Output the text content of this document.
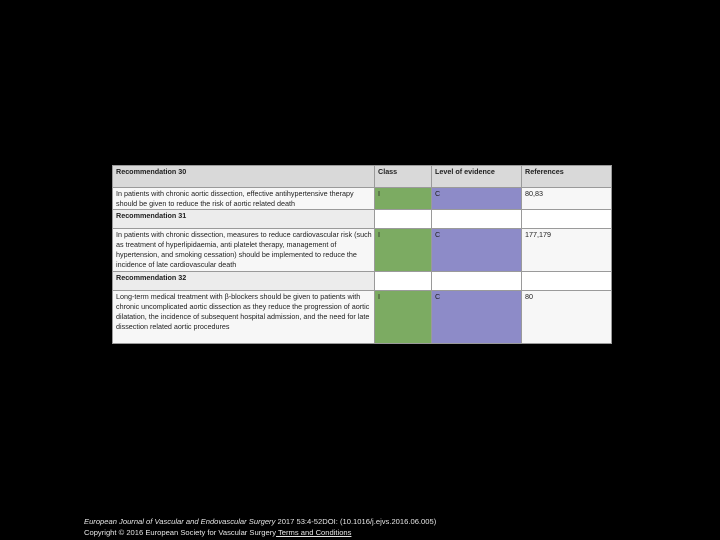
Recommendation 30	Class	Level of evidence	References
In patients with chronic aortic dissection, effective antihypertensive therapy should be given to reduce the risk of aortic related death	I	C	80,83
Recommendation 31			
In patients with chronic dissection, measures to reduce cardiovascular risk (such as treatment of hyperlipidaemia, anti platelet therapy, management of hypertension, and smoking cessation) should be implemented to reduce the incidence of late cardiovascular death	I	C	177,179
Recommendation 32			
Long-term medical treatment with β-blockers should be given to patients with chronic uncomplicated aortic dissection as they reduce the progression of aortic dilatation, the incidence of subsequent hospital admission, and the need for late dissection related aortic procedures	I	C	80
European Journal of Vascular and Endovascular Surgery 2017 53:4-52DOI: (10.1016/j.ejvs.2016.06.005)
Copyright © 2016 European Society for Vascular Surgery Terms and Conditions
